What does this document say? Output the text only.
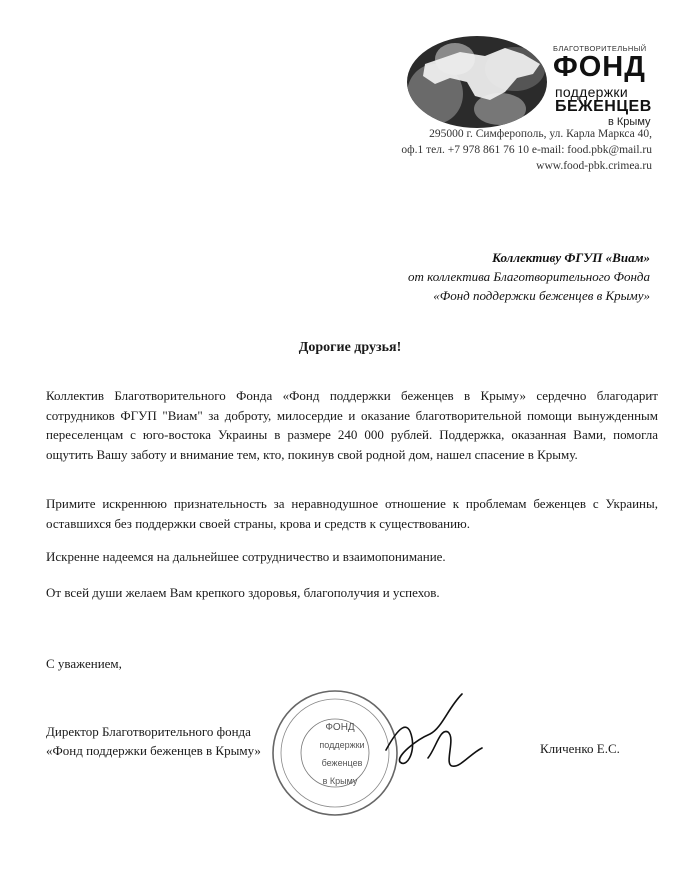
БЛАГОТВОРИТЕЛЬНЫЙ
ФОНД
поддержки
БЕЖЕНЦЕВ
в Крыму
295000 г. Симферополь, ул. Карла Маркса 40,
оф.1 тел. +7 978 861 76 10 e-mail: food.pbk@mail.ru
www.food-pbk.crimea.ru
Коллективу ФГУП «Виам»
от коллектива Благотворительного Фонда
«Фонд поддержки беженцев в Крыму»
Дорогие друзья!
Коллектив Благотворительного Фонда «Фонд поддержки беженцев в Крыму» сердечно благодарит сотрудников ФГУП "Виам" за доброту, милосердие и оказание благотворительной помощи вынужденным переселенцам с юго-востока Украины в размере 240 000 рублей. Поддержка, оказанная Вами, помогла ощутить Вашу заботу и внимание тем, кто, покинув свой родной дом, нашел спасение в Крыму.
Примите искреннюю признательность за неравнодушное отношение к проблемам беженцев с Украины, оставшихся без поддержки своей страны, крова и средств к существованию.
Искренне надеемся на дальнейшее сотрудничество и взаимопонимание.
От всей души желаем Вам крепкого здоровья, благополучия и успехов.
С уважением,
ФОНД
поддержки
беженцев
в Крыму
Директор Благотворительного фонда
«Фонд поддержки беженцев в Крыму»	Кличенко Е.С.
